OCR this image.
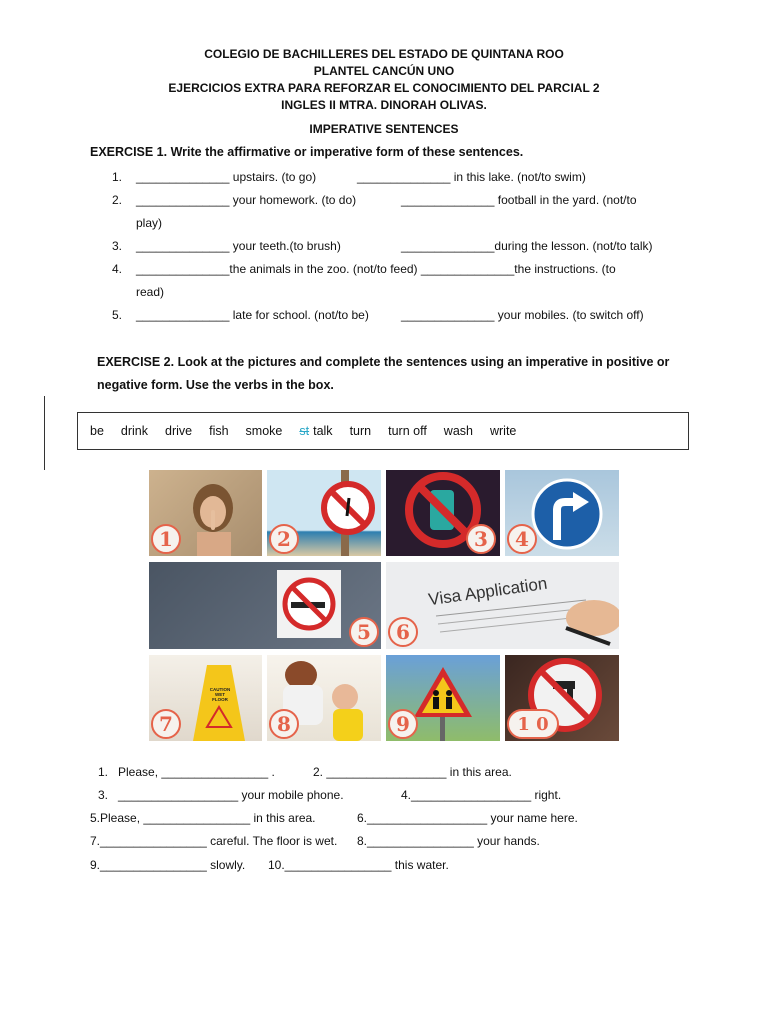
COLEGIO DE BACHILLERES DEL ESTADO DE QUINTANA ROO
PLANTEL CANCÚN UNO
EJERCICIOS EXTRA PARA REFORZAR EL CONOCIMIENTO DEL PARCIAL 2
INGLES II MTRA. DINORAH OLIVAS.
IMPERATIVE SENTENCES
EXERCISE 1. Write the affirmative or imperative form of these sentences.
1. ______________ upstairs. (to go)	______________ in this lake. (not/to swim)
2. ______________ your homework. (to do)	______________ football in the yard. (not/to
play)
3. ______________ your teeth.(to brush)	______________during the lesson. (not/to talk)
4. ______________the animals in the zoo. (not/to feed) ______________the instructions. (to
read)
5. ______________ late for school. (not/to be)	______________ your mobiles. (to switch off)
EXERCISE 2. Look at the pictures and complete the sentences using an imperative in positive or
negative form. Use the verbs in the box.
be drink drive fish smoke st talk turn turn off wash write
1	2	3	4
5
Visa Application
6
CAUTION
WET FLOOR
7	8	9	1 0
1.   Please, ________________ .	2. __________________ in this area.
3.   __________________ your mobile phone.	4.__________________ right.
5.Please, ________________ in this area.	6.__________________ your name here.
7.________________ careful. The floor is wet. 8.________________ your hands.
9.________________ slowly. 10.________________ this water.
